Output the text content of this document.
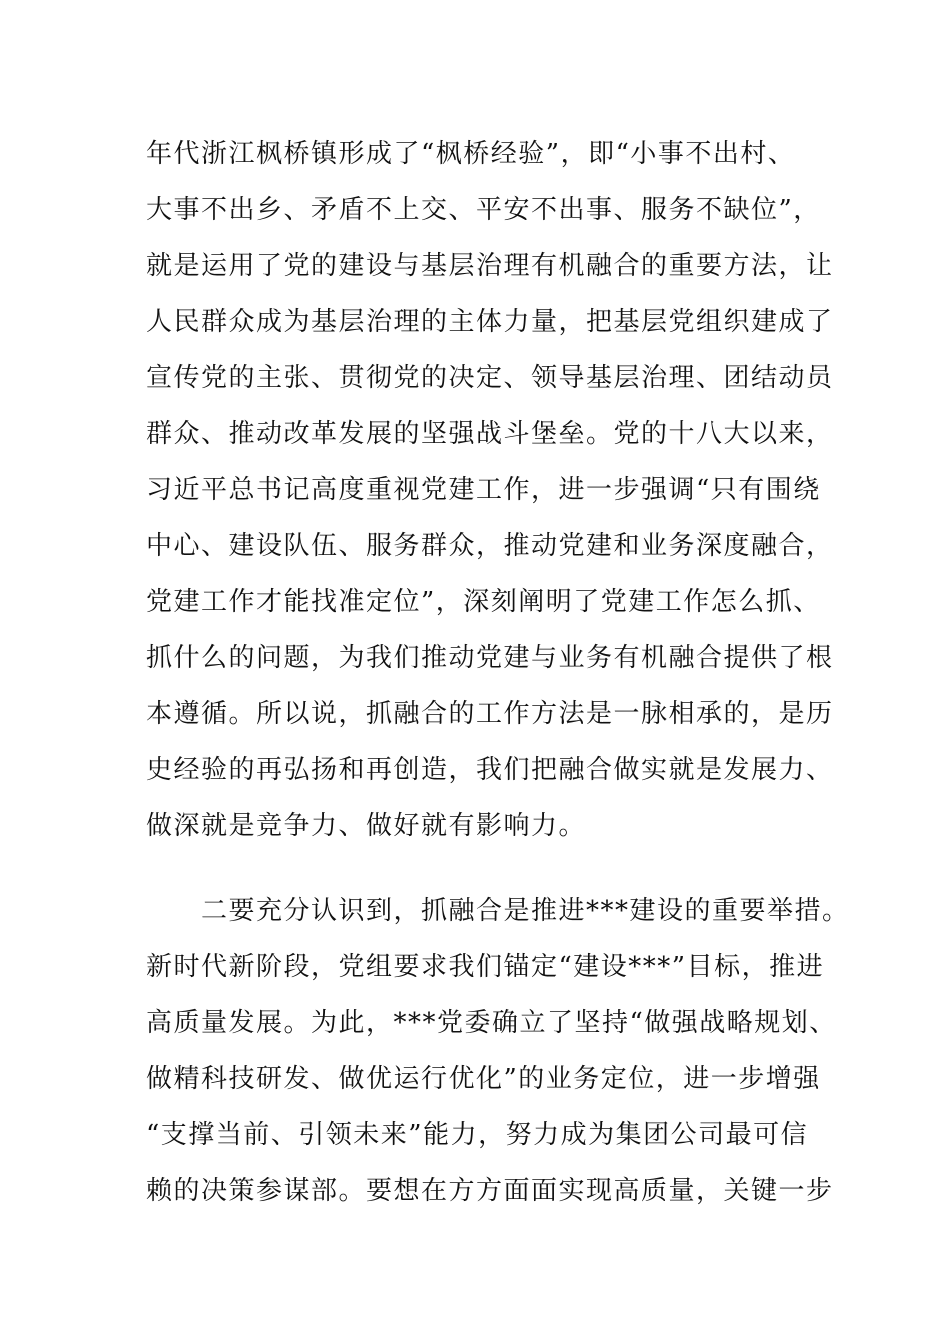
年代浙江枫桥镇形成了“枫桥经验”，即“小事不出村、
大事不出乡、矛盾不上交、平安不出事、服务不缺位”，
就是运用了党的建设与基层治理有机融合的重要方法，让
人民群众成为基层治理的主体力量，把基层党组织建成了
宣传党的主张、贯彻党的决定、领导基层治理、团结动员
群众、推动改革发展的坚强战斗堡垒。党的十八大以来，
习近平总书记高度重视党建工作，进一步强调“只有围绕
中心、建设队伍、服务群众，推动党建和业务深度融合，
党建工作才能找准定位”，深刻阐明了党建工作怎么抓、
抓什么的问题，为我们推动党建与业务有机融合提供了根
本遵循。所以说，抓融合的工作方法是一脉相承的，是历
史经验的再弘扬和再创造，我们把融合做实就是发展力、
做深就是竞争力、做好就有影响力。
　　二要充分认识到，抓融合是推进***建设的重要举措。
新时代新阶段，党组要求我们锚定“建设***”目标，推进
高质量发展。为此，***党委确立了坚持“做强战略规划、
做精科技研发、做优运行优化”的业务定位，进一步增强
“支撑当前、引领未来”能力，努力成为集团公司最可信
赖的决策参谋部。要想在方方面面实现高质量，关键一步
